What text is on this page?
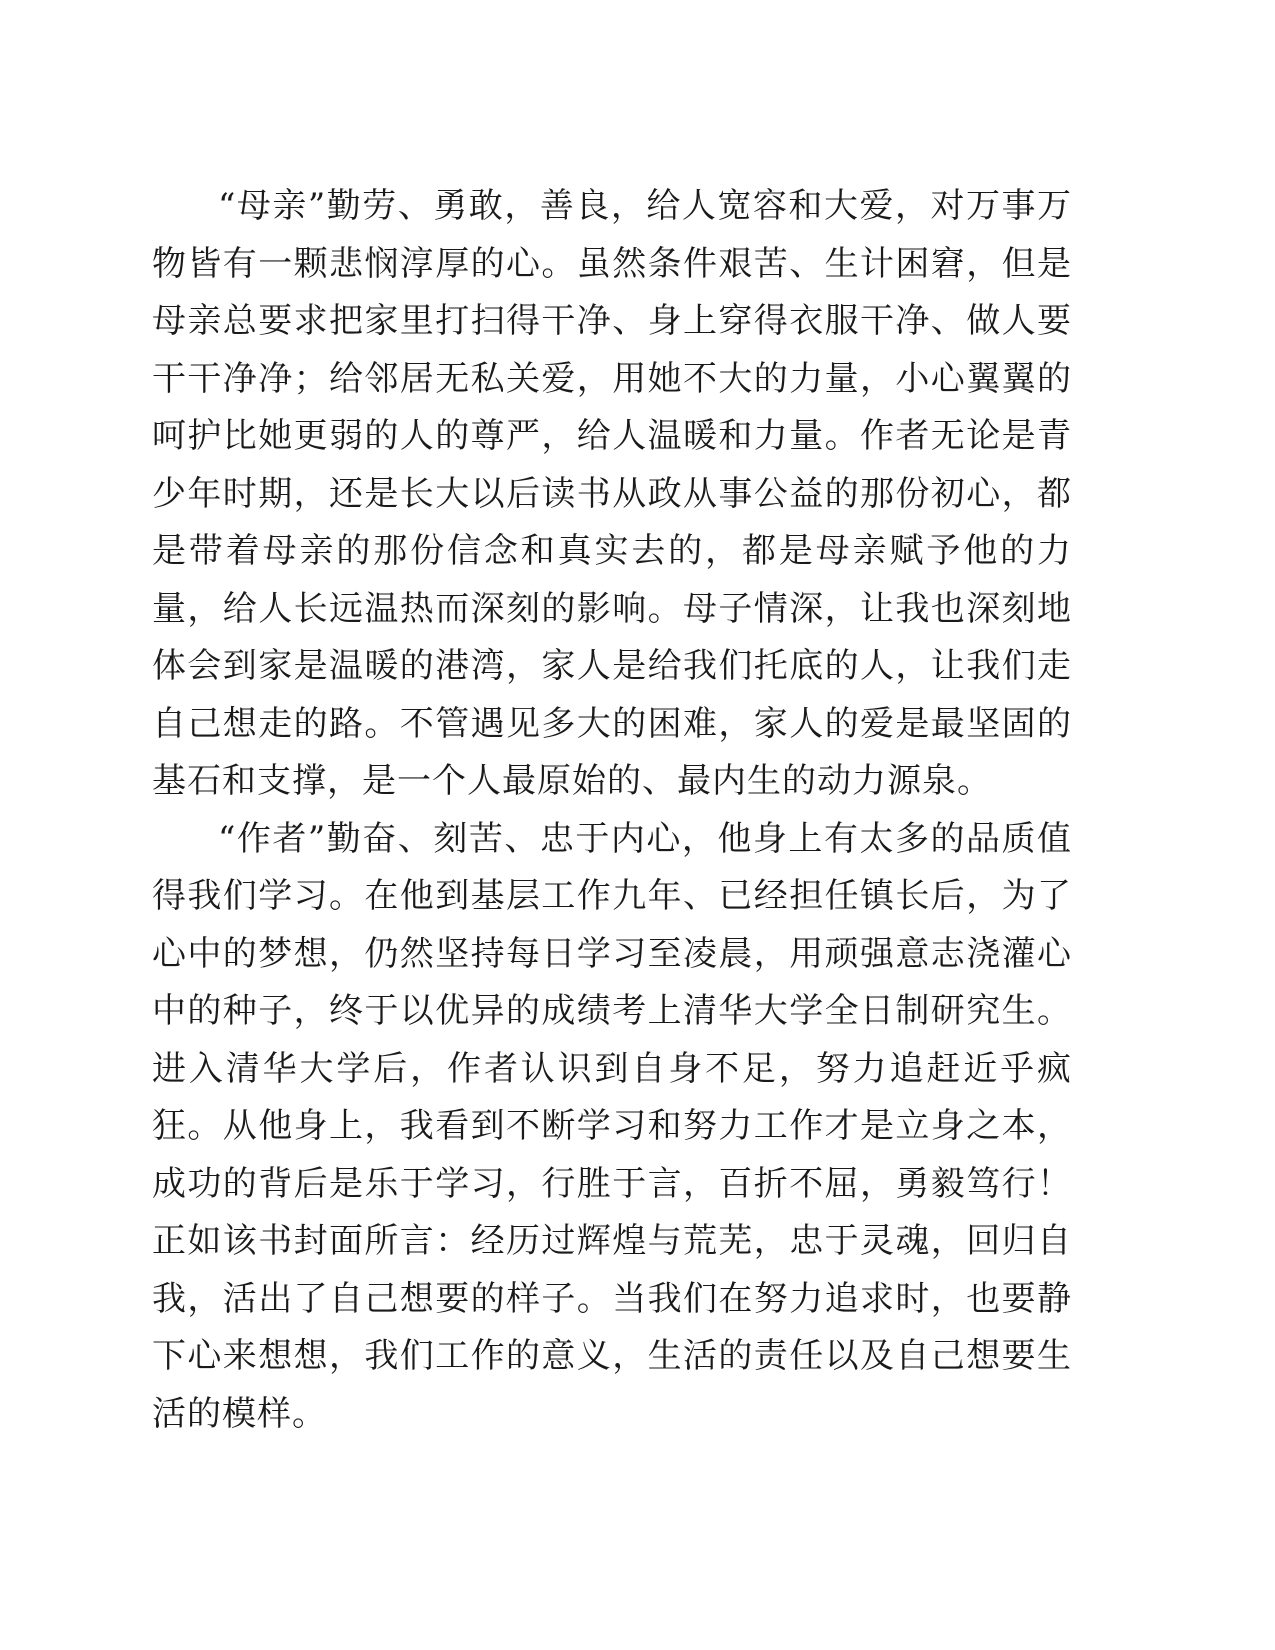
“母亲”勤劳、勇敢，善良，给人宽容和大爱，对万事万物皆有一颗悲悯淳厚的心。虽然条件艰苦、生计困窘，但是母亲总要求把家里打扫得干净、身上穿得衣服干净、做人要干干净净；给邻居无私关爱，用她不大的力量，小心翼翼的呵护比她更弱的人的尊严，给人温暖和力量。作者无论是青少年时期，还是长大以后读书从政从事公益的那份初心，都是带着母亲的那份信念和真实去的，都是母亲赋予他的力量，给人长远温热而深刻的影响。母子情深，让我也深刻地体会到家是温暖的港湾，家人是给我们托底的人，让我们走自己想走的路。不管遇见多大的困难，家人的爱是最坚固的基石和支撑，是一个人最原始的、最内生的动力源泉。

“作者”勤奋、刻苦、忠于内心，他身上有太多的品质值得我们学习。在他到基层工作九年、已经担任镇长后，为了心中的梦想，仍然坚持每日学习至凌晨，用顽强意志浇灌心中的种子，终于以优异的成绩考上清华大学全日制研究生。进入清华大学后，作者认识到自身不足，努力追赶近乎疯狂。从他身上，我看到不断学习和努力工作才是立身之本，成功的背后是乐于学习，行胜于言，百折不屈，勇毅笃行！正如该书封面所言：经历过辉煌与荒芜，忠于灵魂，回归自我，活出了自己想要的样子。当我们在努力追求时，也要静下心来想想，我们工作的意义，生活的责任以及自己想要生活的模样。
